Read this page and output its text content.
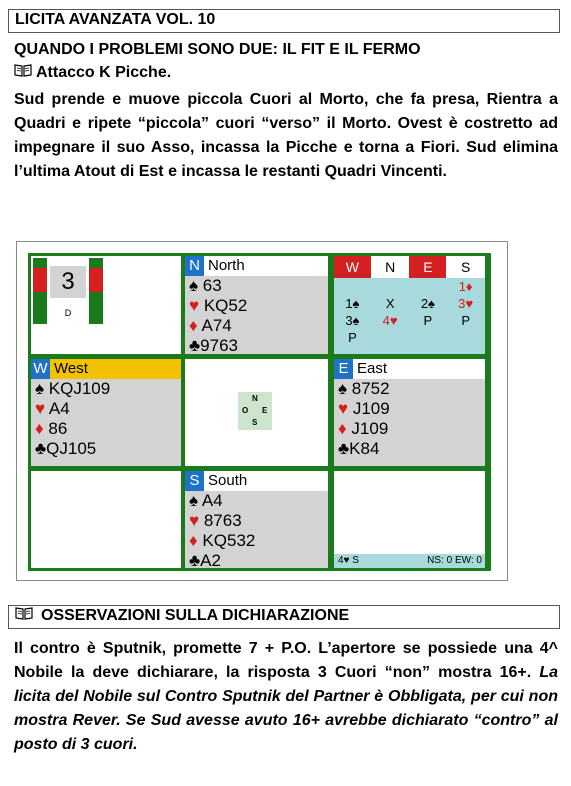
LICITA AVANZATA VOL. 10
QUANDO I PROBLEMI SONO DUE: IL FIT E IL FERMO
Attacco K Picche.
Sud prende e muove piccola Cuori al Morto, che fa presa, Rientra a Quadri e ripete “piccola” cuori “verso” il Morto. Ovest è costretto ad impegnare il suo Asso, incassa la Picche e torna a Fiori. Sud elimina l’ultima Atout di Est e incassa le restanti Quadri Vincenti.
3
D
N North
♠ 63
♥ KQ52
♦ A74
♣9763
W	N	E	S
			1♦
1♠	X	2♠	3♥
3♠	4♥	P	P
P			
W West
♠ KQJ109
♥ A4
♦ 86
♣QJ105
N
O E
S
E East
♠ 8752
♥ J109
♦ J109
♣K84
S South
♠ A4
♥ 8763
♦ KQ532
♣A2	4♥ S	NS: 0 EW: 0
OSSERVAZIONI SULLA DICHIARAZIONE
Il contro è Sputnik, promette 7 + P.O. L’apertore se possiede una 4^ Nobile la deve dichiarare, la risposta 3 Cuori “non” mostra 16+. La licita del Nobile sul Contro Sputnik del Partner è Obbligata, per cui non mostra Rever. Se Sud avesse avuto 16+ avrebbe dichiarato “contro” al posto di 3 cuori.
